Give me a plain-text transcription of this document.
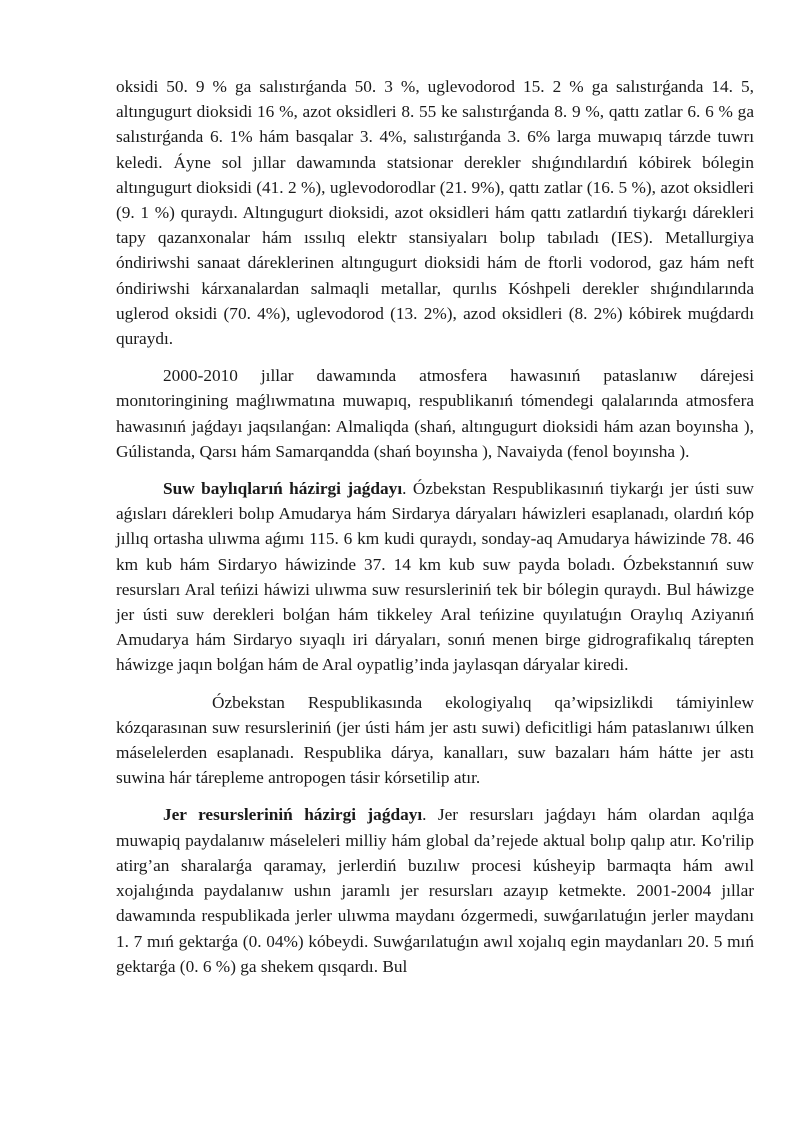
oksidi 50. 9 % ga salıstırǵanda 50. 3 %, uglevodorod 15. 2 % ga salıstırǵanda 14. 5, altıngugurt dioksidi 16 %, azot oksidleri 8. 55 ke salıstırǵanda 8. 9 %, qattı zatlar 6. 6 % ga salıstırǵanda 6. 1% hám basqalar 3. 4%, salıstırǵanda 3. 6% larga muwapıq tárzde tuwrı keledi. Áyne sol jıllar dawamında statsionar derekler shıǵındılardıń kóbirek bólegin altıngugurt dioksidi (41. 2 %), uglevodorodlar (21. 9%), qattı zatlar (16. 5 %), azot oksidleri (9. 1 %) quraydı. Altıngugurt dioksidi, azot oksidleri hám qattı zatlardıń tiykarǵı dárekleri tapy qazanxonalar hám ıssılıq elektr stansiyaları bolıp tabıladı (IES). Metallurgiya óndiriwshi sanaat dáreklerinen altıngugurt dioksidi hám de ftorli vodorod, gaz hám neft óndiriwshi kárxanalardan salmaqli metallar, qurılıs Kóshpeli derekler shıǵındılarında uglerod oksidi (70. 4%), uglevodorod (13. 2%), azod oksidleri (8. 2%) kóbirek muǵdardı quraydı.

2000-2010 jıllar dawamında atmosfera hawasınıń pataslanıw dárejesi monıtoringining maǵlıwmatına muwapıq, respublikanıń tómendegi qalalarında atmosfera hawasınıń jaǵdayı jaqsılanǵan: Almaliqda (shań, altıngugurt dioksidi hám azan boyınsha ), Gúlistanda, Qarsı hám Samarqandda (shań boyınsha ), Navaiyda (fenol boyınsha ).

Suw baylıqlarıń házirgi jaǵdayı. Ózbekstan Respublikasınıń tiykarǵı jer ústi suw aǵısları dárekleri bolıp Amudarya hám Sirdarya dáryaları háwizleri esaplanadı, olardıń kóp jıllıq ortasha ulıwma aǵımı 115. 6 km kudi quraydı, sonday-aq Amudarya háwizinde 78. 46 km kub hám Sirdaryo háwizinde 37. 14 km kub suw payda boladı. Ózbekstannıń suw resursları Aral teńizi háwizi ulıwma suw resursleriniń tek bir bólegin quraydı. Bul háwizge jer ústi suw derekleri bolǵan hám tikkeley Aral teńizine quyılatuǵın Oraylıq Aziyanıń Amudarya hám Sirdaryo sıyaqlı iri dáryaları, sonıń menen birge gidrografikalıq tárepten háwizge jaqın bolǵan hám de Aral oypatlig’inda jaylasqan dáryalar kiredi.

Ózbekstan Respublikasında ekologiyalıq qa’wipsizlikdi támiyinlew kózqarasınan suw resursleriniń (jer ústi hám jer astı suwi) deficitligi hám pataslanıwı úlken máselelerden esaplanadı. Respublika dárya, kanalları, suw bazaları hám hátte jer astı suwina hár tárepleme antropogen tásir kórsetilip atır.

Jer resursleriniń házirgi jaǵdayı. Jer resursları jaǵdayı hám olardan aqılǵa muwapiq paydalanıw máseleleri milliy hám global da’rejede aktual bolıp qalıp atır. Ko'rilip atirg’an sharalarǵa qaramay, jerlerdiń buzılıw procesi kúsheyip barmaqta hám awıl xojalıǵında paydalanıw ushın jaramlı jer resursları azayıp ketmekte. 2001-2004 jıllar dawamında respublikada jerler ulıwma maydanı ózgermedi, suwǵarılatuǵın jerler maydanı 1. 7 mıń gektarǵa (0. 04%) kóbeydi. Suwǵarılatuǵın awıl xojalıq egin maydanları 20. 5 mıń gektarǵa (0. 6 %) ga shekem qısqardı. Bul
